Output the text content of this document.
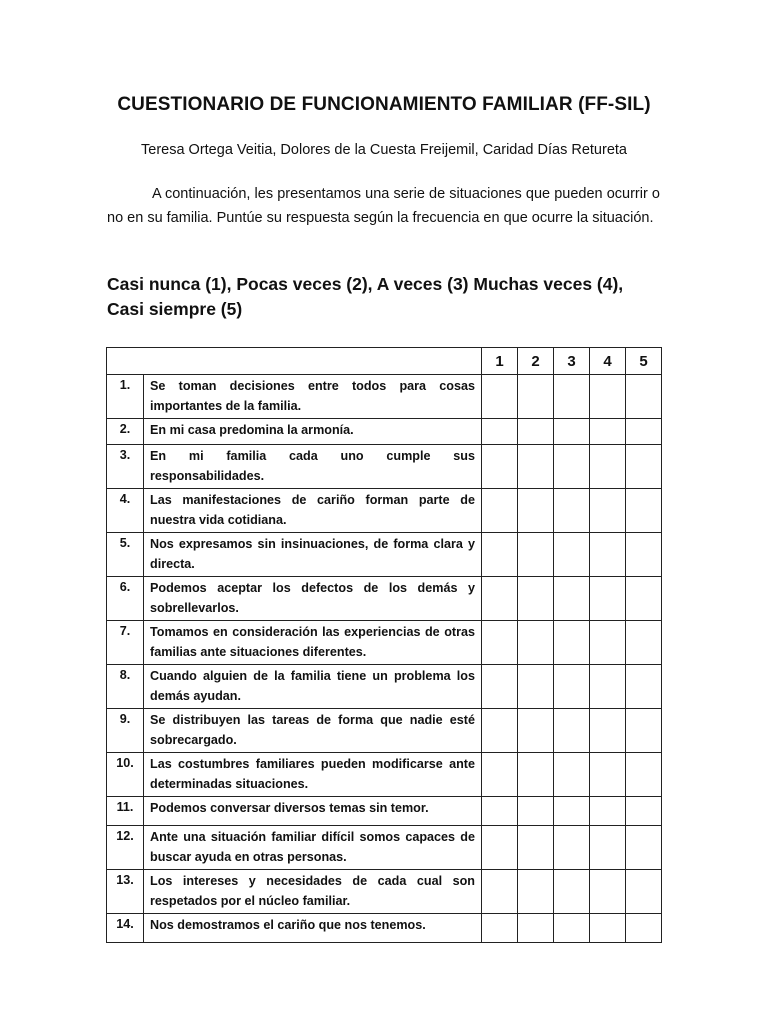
CUESTIONARIO DE FUNCIONAMIENTO FAMILIAR (FF-SIL)
Teresa Ortega Veitia, Dolores de la Cuesta Freijemil, Caridad Días Retureta

A continuación, les presentamos una serie de situaciones que pueden ocurrir o no en su familia. Puntúe su respuesta según la frecuencia en que ocurre la situación.

Casi nunca (1), Pocas veces (2), A veces (3) Muchas veces (4),
Casi siempre (5)

		1	2	3	4	5
1.	Se toman decisiones entre todos para cosas importantes de la familia.					
2.	En mi casa predomina la armonía.					
3.	En mi familia cada uno cumple sus responsabilidades.					
4.	Las manifestaciones de cariño forman parte de nuestra vida cotidiana.					
5.	Nos expresamos sin insinuaciones, de forma clara y directa.					
6.	Podemos aceptar los defectos de los demás y sobrellevarlos.					
7.	Tomamos en consideración las experiencias de otras familias ante situaciones diferentes.					
8.	Cuando alguien de la familia tiene un problema los demás ayudan.					
9.	Se distribuyen las tareas de forma que nadie esté sobrecargado.					
10.	Las costumbres familiares pueden modificarse ante determinadas situaciones.					
11.	Podemos conversar diversos temas sin temor.					
12.	Ante una situación familiar difícil somos capaces de buscar ayuda en otras personas.					
13.	Los intereses y necesidades de cada cual son respetados por el núcleo familiar.					
14.	Nos demostramos el cariño que nos tenemos.					
